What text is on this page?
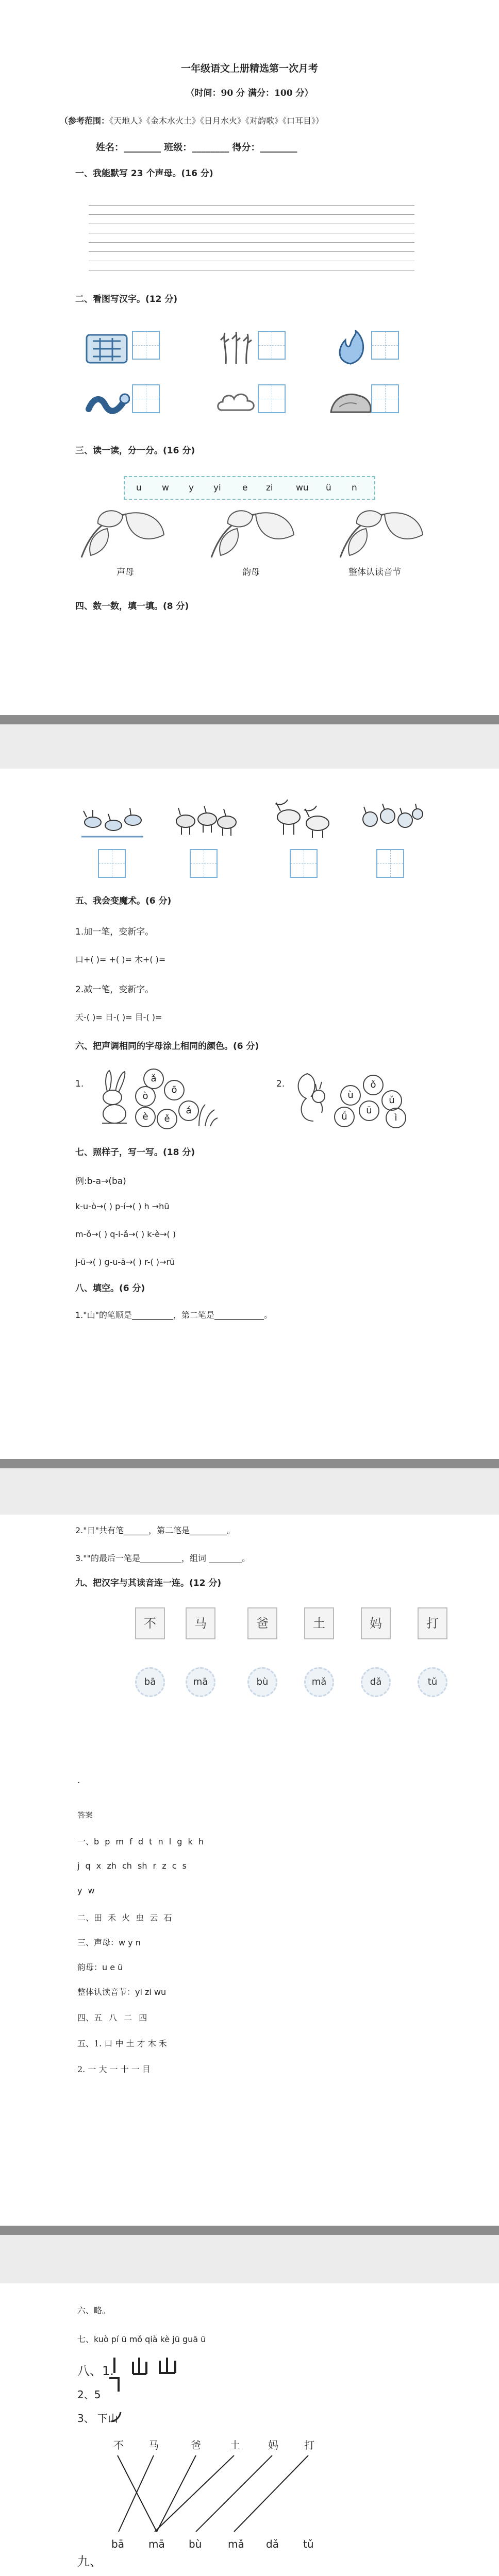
一年级语文上册精选第一次月考
（时间：90 分 满分：100 分）
（参考范围：《天地人》《金木水火土》《日月水火》《对韵歌》《口耳目》）
姓名：________ 班级：________ 得分：________
一、我能默写 23 个声母。(16 分)
二、看图写汉字。(12 分)
三、读一读，分一分。(16 分)
u w y yi e zi	wu ü n
声母	韵母	整体认读音节
四、数一数，填一填。(8 分)
五、我会变魔术。(6 分)
1.加一笔，变新字。
口+( )= +( )= 木+( )=
2.减一笔，变新字。
天-( )= 日-( )= 目-( )=
六、把声调相同的字母涂上相同的颜色。(6 分)
1.	ǎ
ò
ō
è	ě
á
2.
ù
ǘ
ǒ
ū
ǔ
ì
七、照样子，写一写。(18 分)
例:b-a→(ba)
k-u-ò→( ) p-í→( ) h →hū
m-ǒ→( ) q-i-ǎ→( ) k-è→( )
j-ū→( ) g-u-ā→( ) r-( )→rū
八、填空。(6 分)
1."山"的笔顺是__________，第二笔是____________。
2."日"共有笔______，第二笔是_________。
3.""的最后一笔是__________，组词 ________。
九、把汉字与其读音连一连。(12 分)
不	马	爸	土	妈	打
bā	mā	bù	mǎ	dǎ	tǔ
.
答案
一、b p m f d t n l g k h
j q x zh ch sh r z c s
y w
二、田 禾 火 虫 云 石
三、声母：w y n
韵母：u e ü
整体认读音节：yi zi wu
四、五 八 二 四
五、1. 口 中 土 才 木 禾
2. 一 大 一 十 一 目
六、略。
七、kuò pí ū mǒ qià kè jū guā ū
八、1.
2、5
3、 下山
不 马	爸	土	妈	打
九、
bā mā bù	mǎ dǎ tǔ
